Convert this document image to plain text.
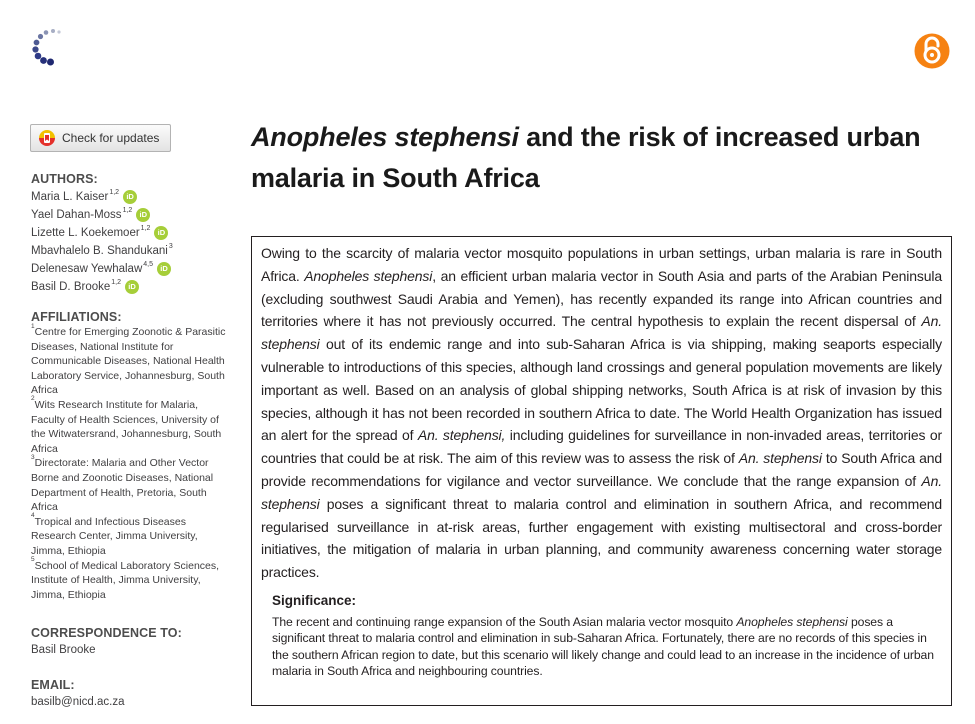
Check for updates
AUTHORS:
Maria L. Kaiser$^{1,2}$ iD
Yael Dahan-Moss$^{1,2}$ iD
Lizette L. Koekemoer$^{1,2}$ iD
Mbavhalelo B. Shandukani$^3$
Delenesaw Yewhalaw$^{4,5}$ iD
Basil D. Brooke$^{1,2}$ iD
AFFILIATIONS:
$^1$Centre for Emerging Zoonotic & Parasitic Diseases, National Institute for Communicable Diseases, National Health Laboratory Service, Johannesburg, South Africa
$^2$Wits Research Institute for Malaria, Faculty of Health Sciences, University of the Witwatersrand, Johannesburg, South Africa
$^3$Directorate: Malaria and Other Vector Borne and Zoonotic Diseases, National Department of Health, Pretoria, South Africa
$^4$Tropical and Infectious Diseases Research Center, Jimma University, Jimma, Ethiopia
$^5$School of Medical Laboratory Sciences, Institute of Health, Jimma University, Jimma, Ethiopia
CORRESPONDENCE TO:
Basil Brooke
EMAIL:
basilb@nicd.ac.za
Anopheles stephensi and the risk of increased urban malaria in South Africa

Owing to the scarcity of malaria vector mosquito populations in urban settings, urban malaria is rare in South Africa. Anopheles stephensi, an efficient urban malaria vector in South Asia and parts of the Arabian Peninsula (excluding southwest Saudi Arabia and Yemen), has recently expanded its range into African countries and territories where it has not previously occurred. The central hypothesis to explain the recent dispersal of An. stephensi out of its endemic range and into sub-Saharan Africa is via shipping, making seaports especially vulnerable to introductions of this species, although land crossings and general population movements are likely important as well. Based on an analysis of global shipping networks, South Africa is at risk of invasion by this species, although it has not been recorded in southern Africa to date. The World Health Organization has issued an alert for the spread of An. stephensi, including guidelines for surveillance in non-invaded areas, territories or countries that could be at risk. The aim of this review was to assess the risk of An. stephensi to South Africa and provide recommendations for vigilance and vector surveillance. We conclude that the range expansion of An. stephensi poses a significant threat to malaria control and elimination in southern Africa, and recommend regularised surveillance in at-risk areas, further engagement with existing multisectoral and cross-border initiatives, the mitigation of malaria in urban planning, and community awareness concerning water storage practices.

Significance:

The recent and continuing range expansion of the South Asian malaria vector mosquito Anopheles stephensi poses a significant threat to malaria control and elimination in sub-Saharan Africa. Fortunately, there are no records of this species in the southern African region to date, but this scenario will likely change and could lead to an increase in the incidence of urban malaria in South Africa and neighbouring countries.
